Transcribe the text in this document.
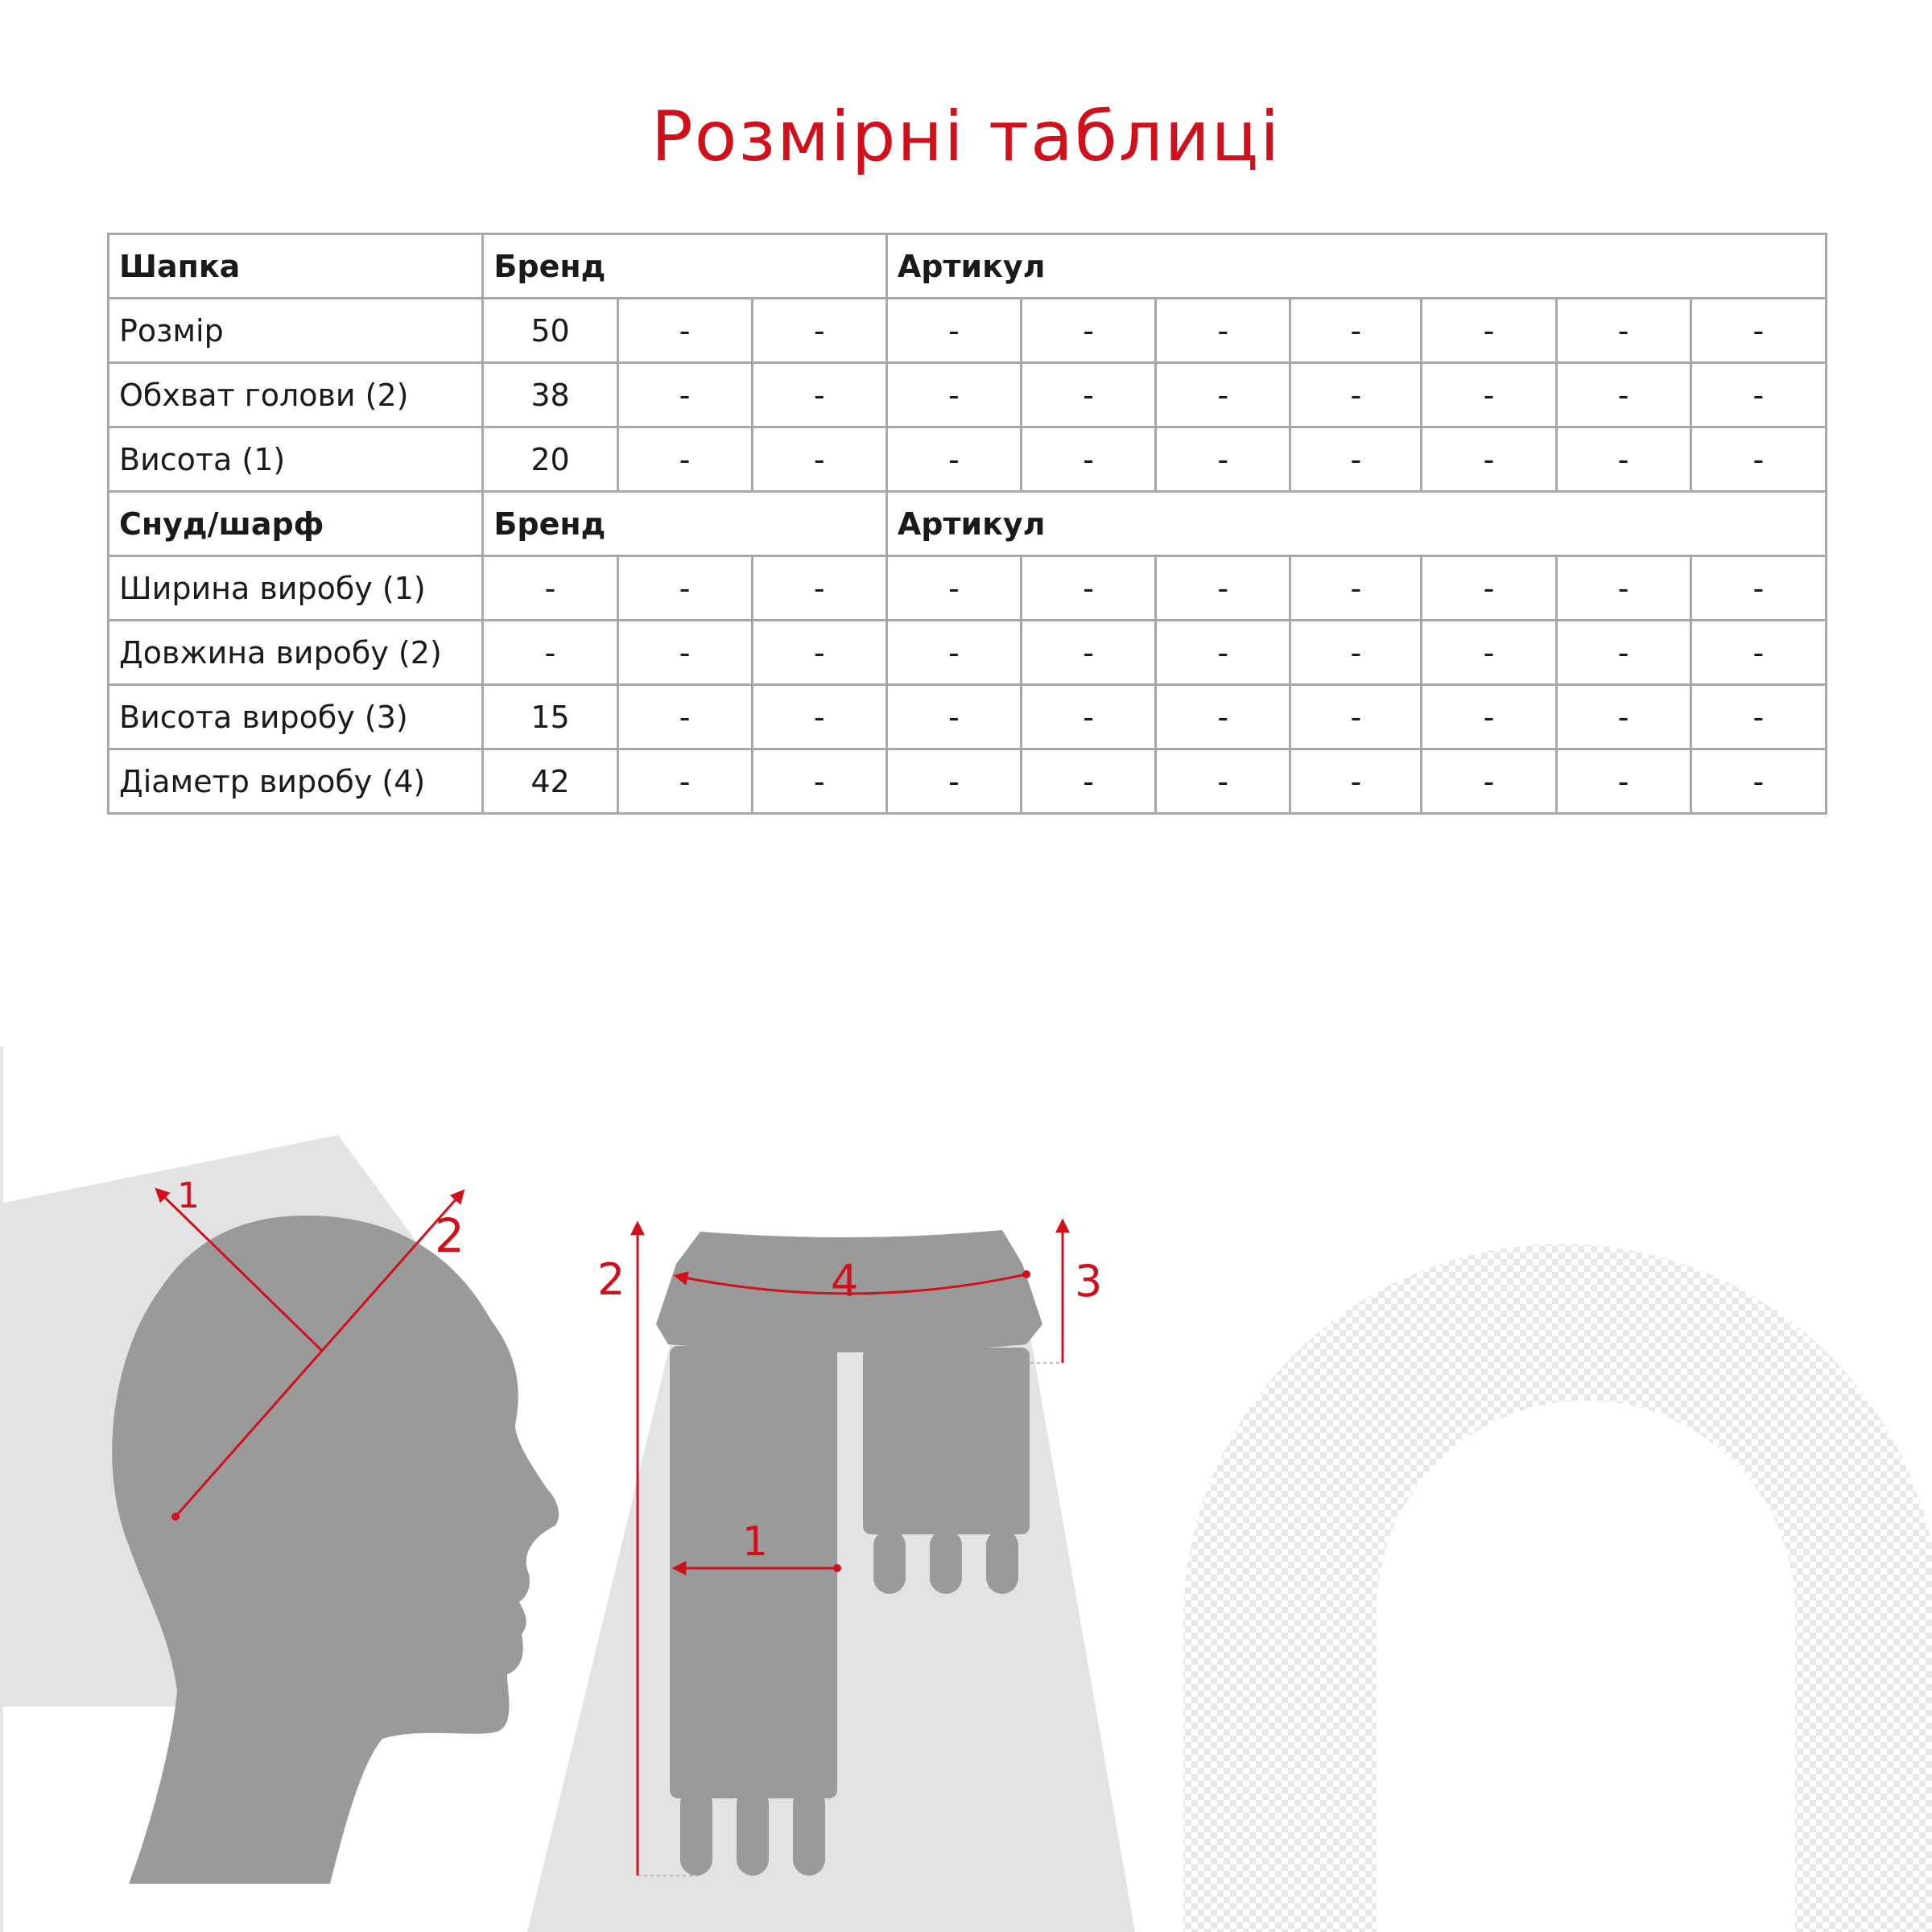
Розмірні таблиці
Шапка	Бренд			Артикул						
Розмір	50	-	-	-	-	-	-	-	-	-
Обхват голови (2)	38	-	-	-	-	-	-	-	-	-
Висота (1)	20	-	-	-	-	-	-	-	-	-
Снуд/шарф	Бренд			Артикул						
Ширина виробу (1)	-	-	-	-	-	-	-	-	-	-
Довжина виробу (2)	-	-	-	-	-	-	-	-	-	-
Висота виробу (3)	15	-	-	-	-	-	-	-	-	-
Діаметр виробу (4)	42	-	-	-	-	-	-	-	-	-
1
2
2	4	3
1
